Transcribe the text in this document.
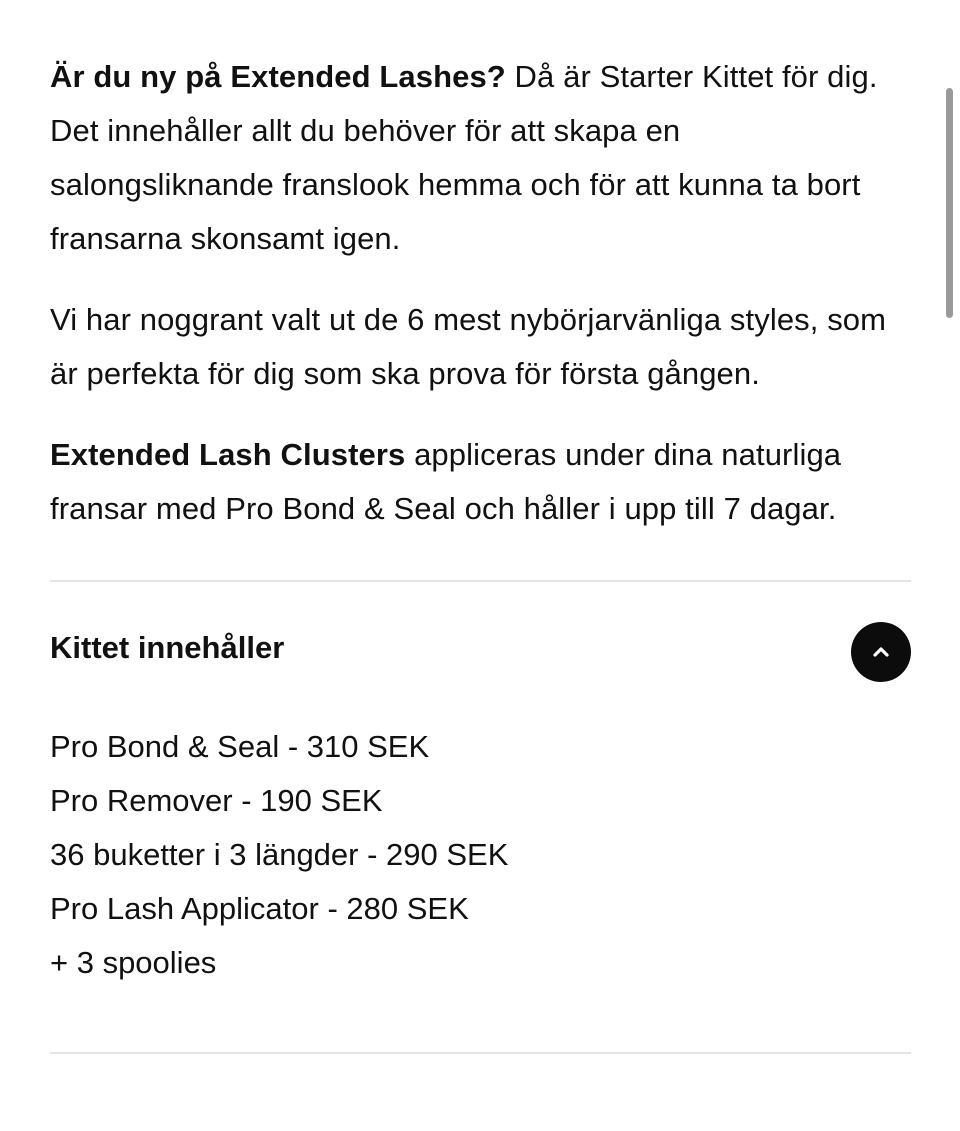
Är du ny på Extended Lashes? Då är Starter Kittet för dig. Det innehåller allt du behöver för att skapa en salongsliknande franslook hemma och för att kunna ta bort fransarna skonsamt igen.

Vi har noggrant valt ut de 6 mest nybörjarvänliga styles, som är perfekta för dig som ska prova för första gången.

Extended Lash Clusters appliceras under dina naturliga fransar med Pro Bond & Seal och håller i upp till 7 dagar.

Kittet innehåller
Pro Bond & Seal - 310 SEK
Pro Remover - 190 SEK
36 buketter i 3 längder - 290 SEK
Pro Lash Applicator - 280 SEK
+ 3 spoolies
